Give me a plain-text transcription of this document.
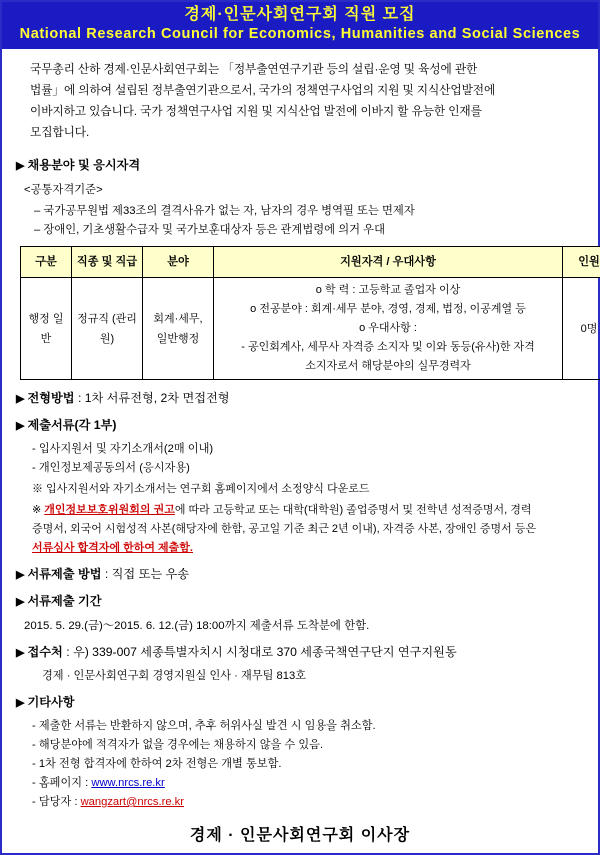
경제·인문사회연구회 직원 모집
National Research Council for Economics, Humanities and Social Sciences
국무총리 산하 경제·인문사회연구회는 「정부출연연구기관 등의 설립·운영 및 육성에 관한
법률」에 의하여 설립된 정부출연기관으로서, 국가의 정책연구사업의 지원 및 지식산업발전에
이바지하고 있습니다. 국가 정책연구사업 지원 및 지식산업 발전에 이바지 할 유능한 인재를
모집합니다.
▶ 채용분야 및 응시자격
<공통자격기준>
– 국가공무원법 제33조의 결격사유가 없는 자, 남자의 경우 병역필 또는 면제자
– 장애인, 기초생활수급자 및 국가보훈대상자 등은 관계법령에 의거 우대
구분	직종 및 직급	분야	지원자격 / 우대사항	인원
행정 일반	정규직 (관리원)	회계·세무, 일반행정	ο 학 력 : 고등학교 졸업자 이상
ο 전공분야 : 회계·세무 분야, 경영, 경제, 법정, 이공계열 등
ο 우대사항 :
- 공인회계사, 세무사 자격증 소지자 및 이와 동등(유사)한 자격
소지자로서 해당분야의 실무경력자	0명
▶ 전형방법 : 1차 서류전형, 2차 면접전형
▶ 제출서류(각 1부)
- 입사지원서 및 자기소개서(2매 이내)
- 개인정보제공동의서 (응시자용)
※ 입사지원서와 자기소개서는 연구회 홈페이지에서 소정양식 다운로드
※ 개인정보보호위원회의 권고에 따라 고등학교 또는 대학(대학원) 졸업증명서 및 전학년 성적증명서, 경력
증명서, 외국어 시험성적 사본(해당자에 한함, 공고일 기준 최근 2년 이내), 자격증 사본, 장애인 증명서 등은
서류심사 합격자에 한하여 제출함.
▶ 서류제출 방법 : 직접 또는 우송
▶ 서류제출 기간
2015. 5. 29.(금)～2015. 6. 12.(금) 18:00까지 제출서류 도착분에 한함.
▶ 접수처 : 우) 339-007 세종특별자치시 시청대로 370 세종국책연구단지 연구지원동
경제 · 인문사회연구회 경영지원실 인사 · 재무팀 813호
▶ 기타사항
- 제출한 서류는 반환하지 않으며, 추후 허위사실 발견 시 임용을 취소함.
- 해당분야에 적격자가 없을 경우에는 채용하지 않을 수 있음.
- 1차 전형 합격자에 한하여 2차 전형은 개별 통보함.
- 홈페이지 : www.nrcs.re.kr
- 담당자 : wangzart@nrcs.re.kr
경제 · 인문사회연구회 이사장
